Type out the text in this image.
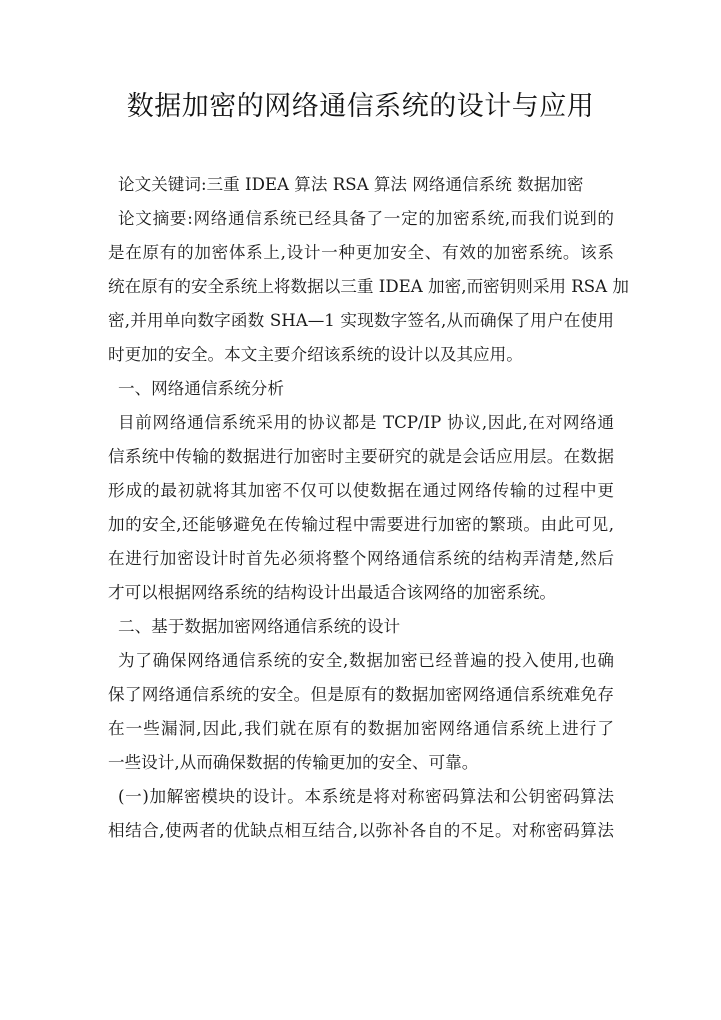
数据加密的网络通信系统的设计与应用
论文关键词:三重 IDEA 算法 RSA 算法 网络通信系统 数据加密
论文摘要:网络通信系统已经具备了一定的加密系统,而我们说到的
是在原有的加密体系上,设计一种更加安全、有效的加密系统。该系
统在原有的安全系统上将数据以三重 IDEA 加密,而密钥则采用 RSA 加
密,并用单向数字函数 SHA—1 实现数字签名,从而确保了用户在使用
时更加的安全。本文主要介绍该系统的设计以及其应用。
一、网络通信系统分析
目前网络通信系统采用的协议都是 TCP/IP 协议,因此,在对网络通
信系统中传输的数据进行加密时主要研究的就是会话应用层。在数据
形成的最初就将其加密不仅可以使数据在通过网络传输的过程中更
加的安全,还能够避免在传输过程中需要进行加密的繁琐。由此可见,
在进行加密设计时首先必须将整个网络通信系统的结构弄清楚,然后
才可以根据网络系统的结构设计出最适合该网络的加密系统。
二、基于数据加密网络通信系统的设计
为了确保网络通信系统的安全,数据加密已经普遍的投入使用,也确
保了网络通信系统的安全。但是原有的数据加密网络通信系统难免存
在一些漏洞,因此,我们就在原有的数据加密网络通信系统上进行了
一些设计,从而确保数据的传输更加的安全、可靠。
(一)加解密模块的设计。本系统是将对称密码算法和公钥密码算法
相结合,使两者的优缺点相互结合,以弥补各自的不足。对称密码算法
